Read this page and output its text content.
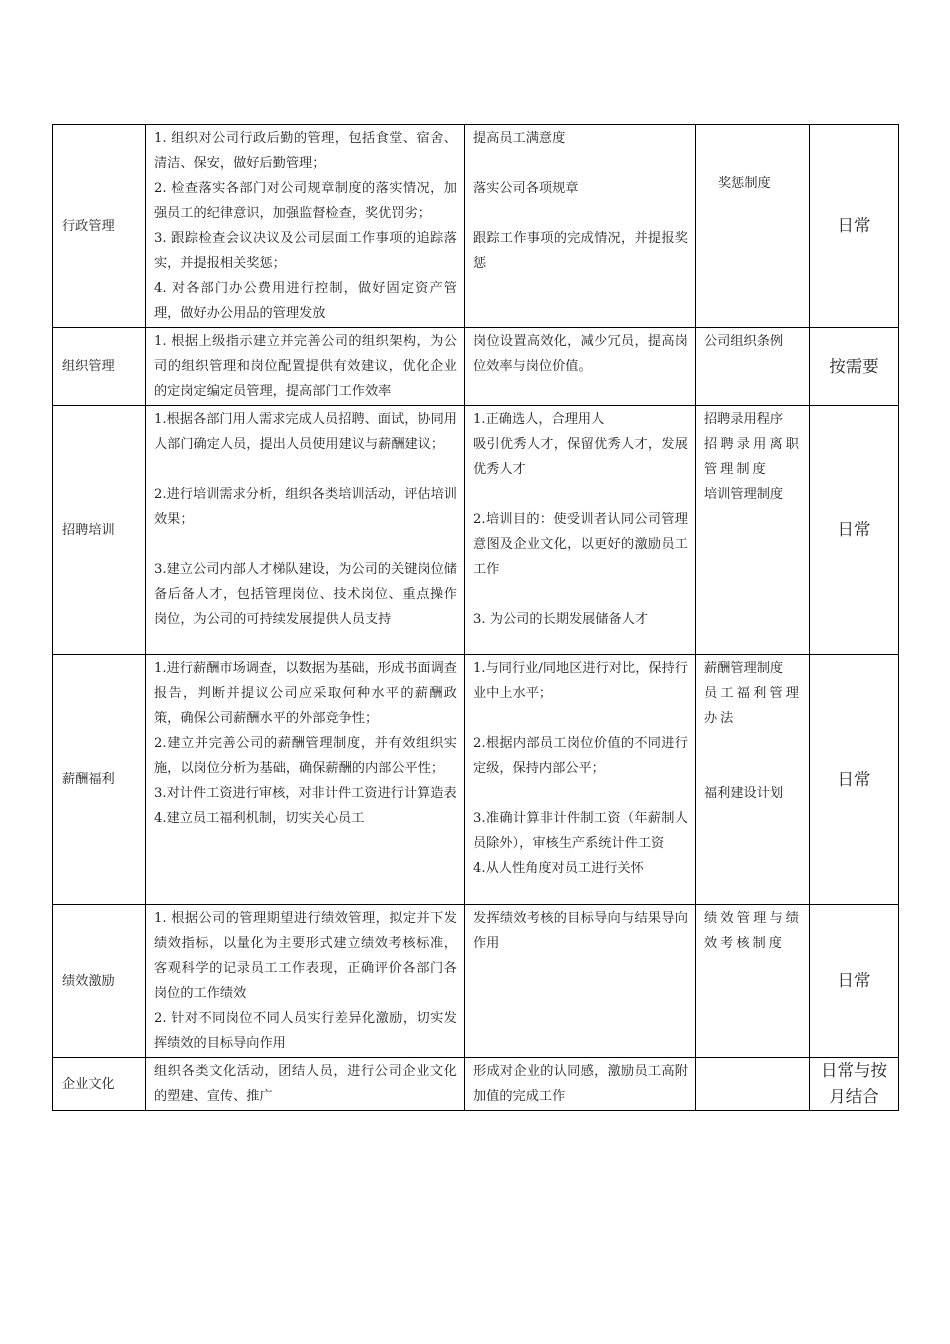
行政管理	1. 组织对公司行政后勤的管理，包括食堂、宿舍、清洁、保安，做好后勤管理；
2. 检查落实各部门对公司规章制度的落实情况，加强员工的纪律意识，加强监督检查，奖优罚劣；
3. 跟踪检查会议决议及公司层面工作事项的追踪落实，并提报相关奖惩；
4. 对各部门办公费用进行控制，做好固定资产管理，做好办公用品的管理发放	提高员工满意度
落实公司各项规章
跟踪工作事项的完成情况，并提报奖惩	奖惩制度	日常
组织管理	1. 根据上级指示建立并完善公司的组织架构，为公司的组织管理和岗位配置提供有效建议，优化企业的定岗定编定员管理，提高部门工作效率	岗位设置高效化，减少冗员，提高岗位效率与岗位价值。	公司组织条例	按需要
招聘培训	1.根据各部门用人需求完成人员招聘、面试，协同用人部门确定人员，提出人员使用建议与薪酬建议；
2.进行培训需求分析，组织各类培训活动，评估培训效果；
3.建立公司内部人才梯队建设，为公司的关键岗位储备后备人才，包括管理岗位、技术岗位、重点操作岗位，为公司的可持续发展提供人员支持	1.正确选人，合理用人
吸引优秀人才，保留优秀人才，发展优秀人才
2.培训目的：使受训者认同公司管理意图及企业文化，以更好的激励员工工作
3. 为公司的长期发展储备人才	招聘录用程序
招聘录用离职管理制度
培训管理制度	日常
薪酬福利	1.进行薪酬市场调查，以数据为基础，形成书面调查报告，判断并提议公司应采取何种水平的薪酬政策，确保公司薪酬水平的外部竞争性；
2.建立并完善公司的薪酬管理制度，并有效组织实施，以岗位分析为基础，确保薪酬的内部公平性；
3.对计件工资进行审核，对非计件工资进行计算造表
4.建立员工福利机制，切实关心员工	1.与同行业/同地区进行对比，保持行业中上水平；
2.根据内部员工岗位价值的不同进行定级，保持内部公平；
3.准确计算非计件制工资（年薪制人员除外），审核生产系统计件工资
4.从人性角度对员工进行关怀	薪酬管理制度
员工福利管理办法
福利建设计划	日常
绩效激励	1. 根据公司的管理期望进行绩效管理，拟定并下发绩效指标，以量化为主要形式建立绩效考核标准，客观科学的记录员工工作表现，正确评价各部门各岗位的工作绩效
2. 针对不同岗位不同人员实行差异化激励，切实发挥绩效的目标导向作用	发挥绩效考核的目标导向与结果导向作用	绩效管理与绩效考核制度	日常
企业文化	组织各类文化活动，团结人员，进行公司企业文化的塑建、宣传、推广	形成对企业的认同感，激励员工高附加值的完成工作		日常与按月结合
